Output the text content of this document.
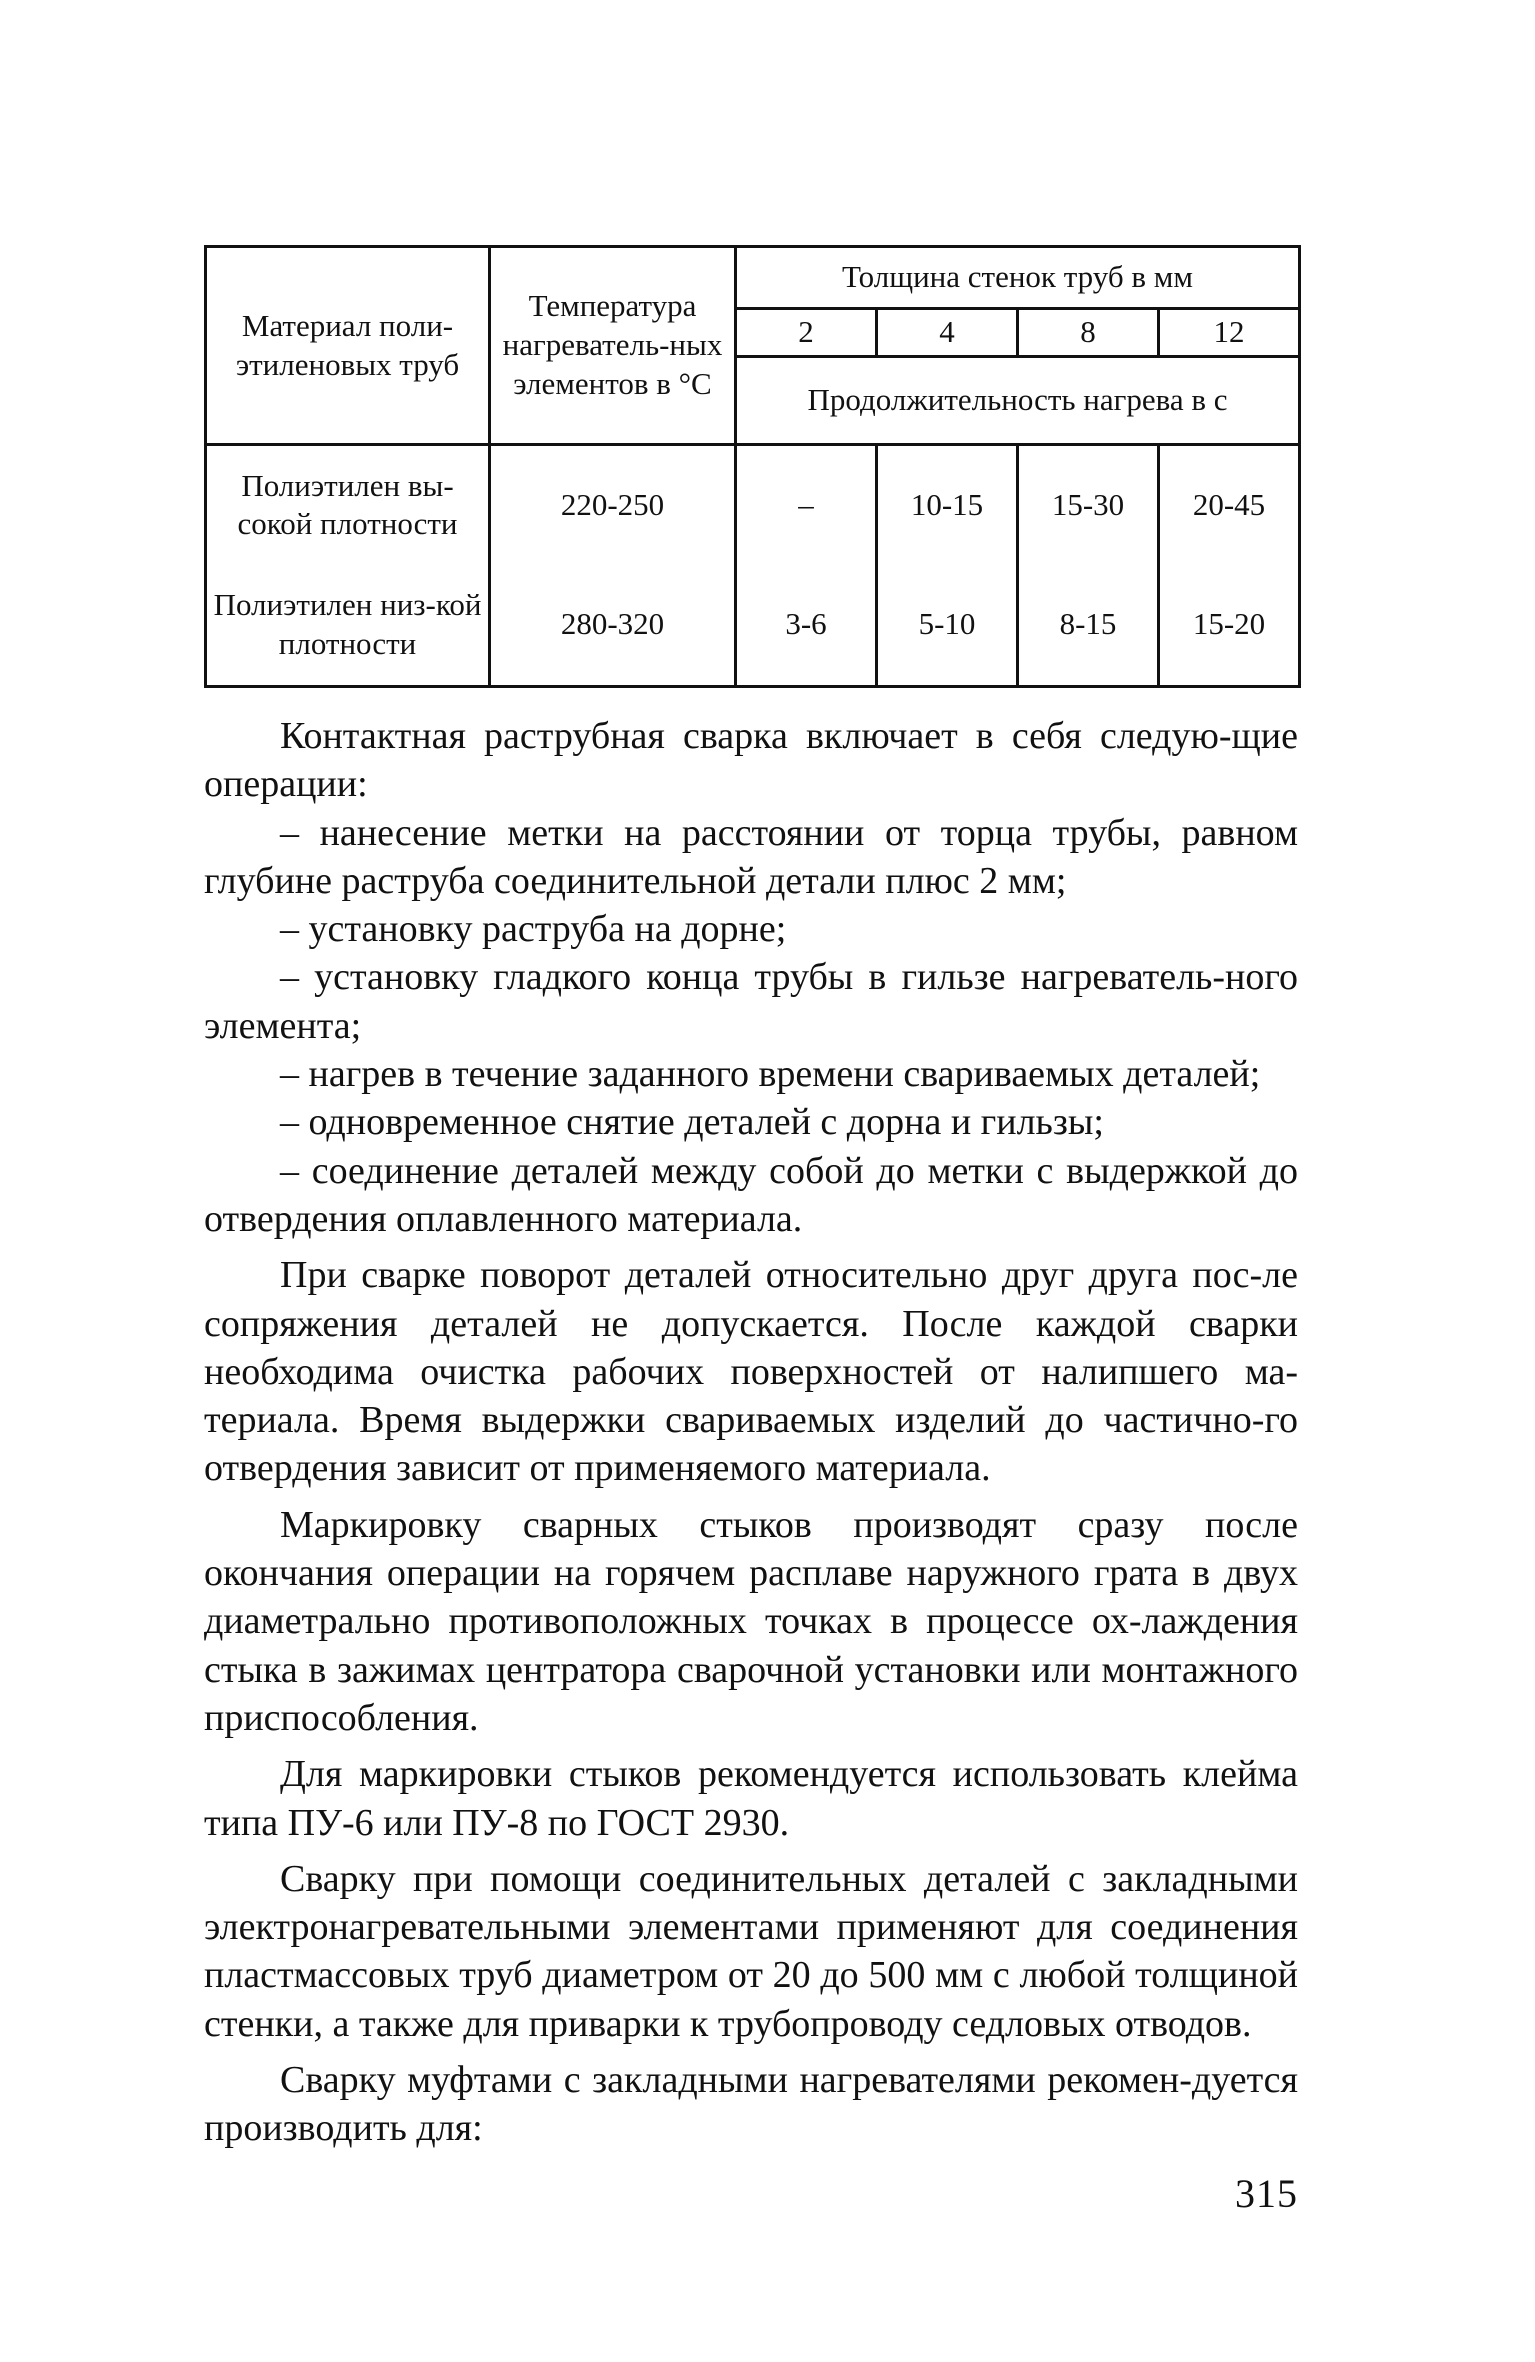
Материал поли-этиленовых труб	Температура нагреватель-ных элементов в °С	Толщина стенок труб в мм			
		2	4	8	12
		Продолжительность нагрева в с			
Полиэтилен вы-сокой плотности	220-250	–	10-15	15-30	20-45
Полиэтилен низ-кой плотности	280-320	3-6	5-10	8-15	15-20

Контактная раструбная сварка включает в себя следую-щие операции:

– нанесение метки на расстоянии от торца трубы, равном глубине раструба соединительной детали плюс 2 мм;

– установку раструба на дорне;

– установку гладкого конца трубы в гильзе нагреватель-ного элемента;

– нагрев в течение заданного времени свариваемых деталей;

– одновременное снятие деталей с дорна и гильзы;

– соединение деталей между собой до метки с выдержкой до отвердения оплавленного материала.

При сварке поворот деталей относительно друг друга пос-ле сопряжения деталей не допускается. После каждой сварки необходима очистка рабочих поверхностей от налипшего ма-териала. Время выдержки свариваемых изделий до частично-го отвердения зависит от применяемого материала.

Маркировку сварных стыков производят сразу после окончания операции на горячем расплаве наружного грата в двух диаметрально противоположных точках в процессе ох-лаждения стыка в зажимах центратора сварочной установки или монтажного приспособления.

Для маркировки стыков рекомендуется использовать клейма типа ПУ-6 или ПУ-8 по ГОСТ 2930.

Сварку при помощи соединительных деталей с закладными электронагревательными элементами применяют для соединения пластмассовых труб диаметром от 20 до 500 мм с любой толщиной стенки, а также для приварки к трубопроводу седловых отводов.

Сварку муфтами с закладными нагревателями рекомен-дуется производить для:

315
